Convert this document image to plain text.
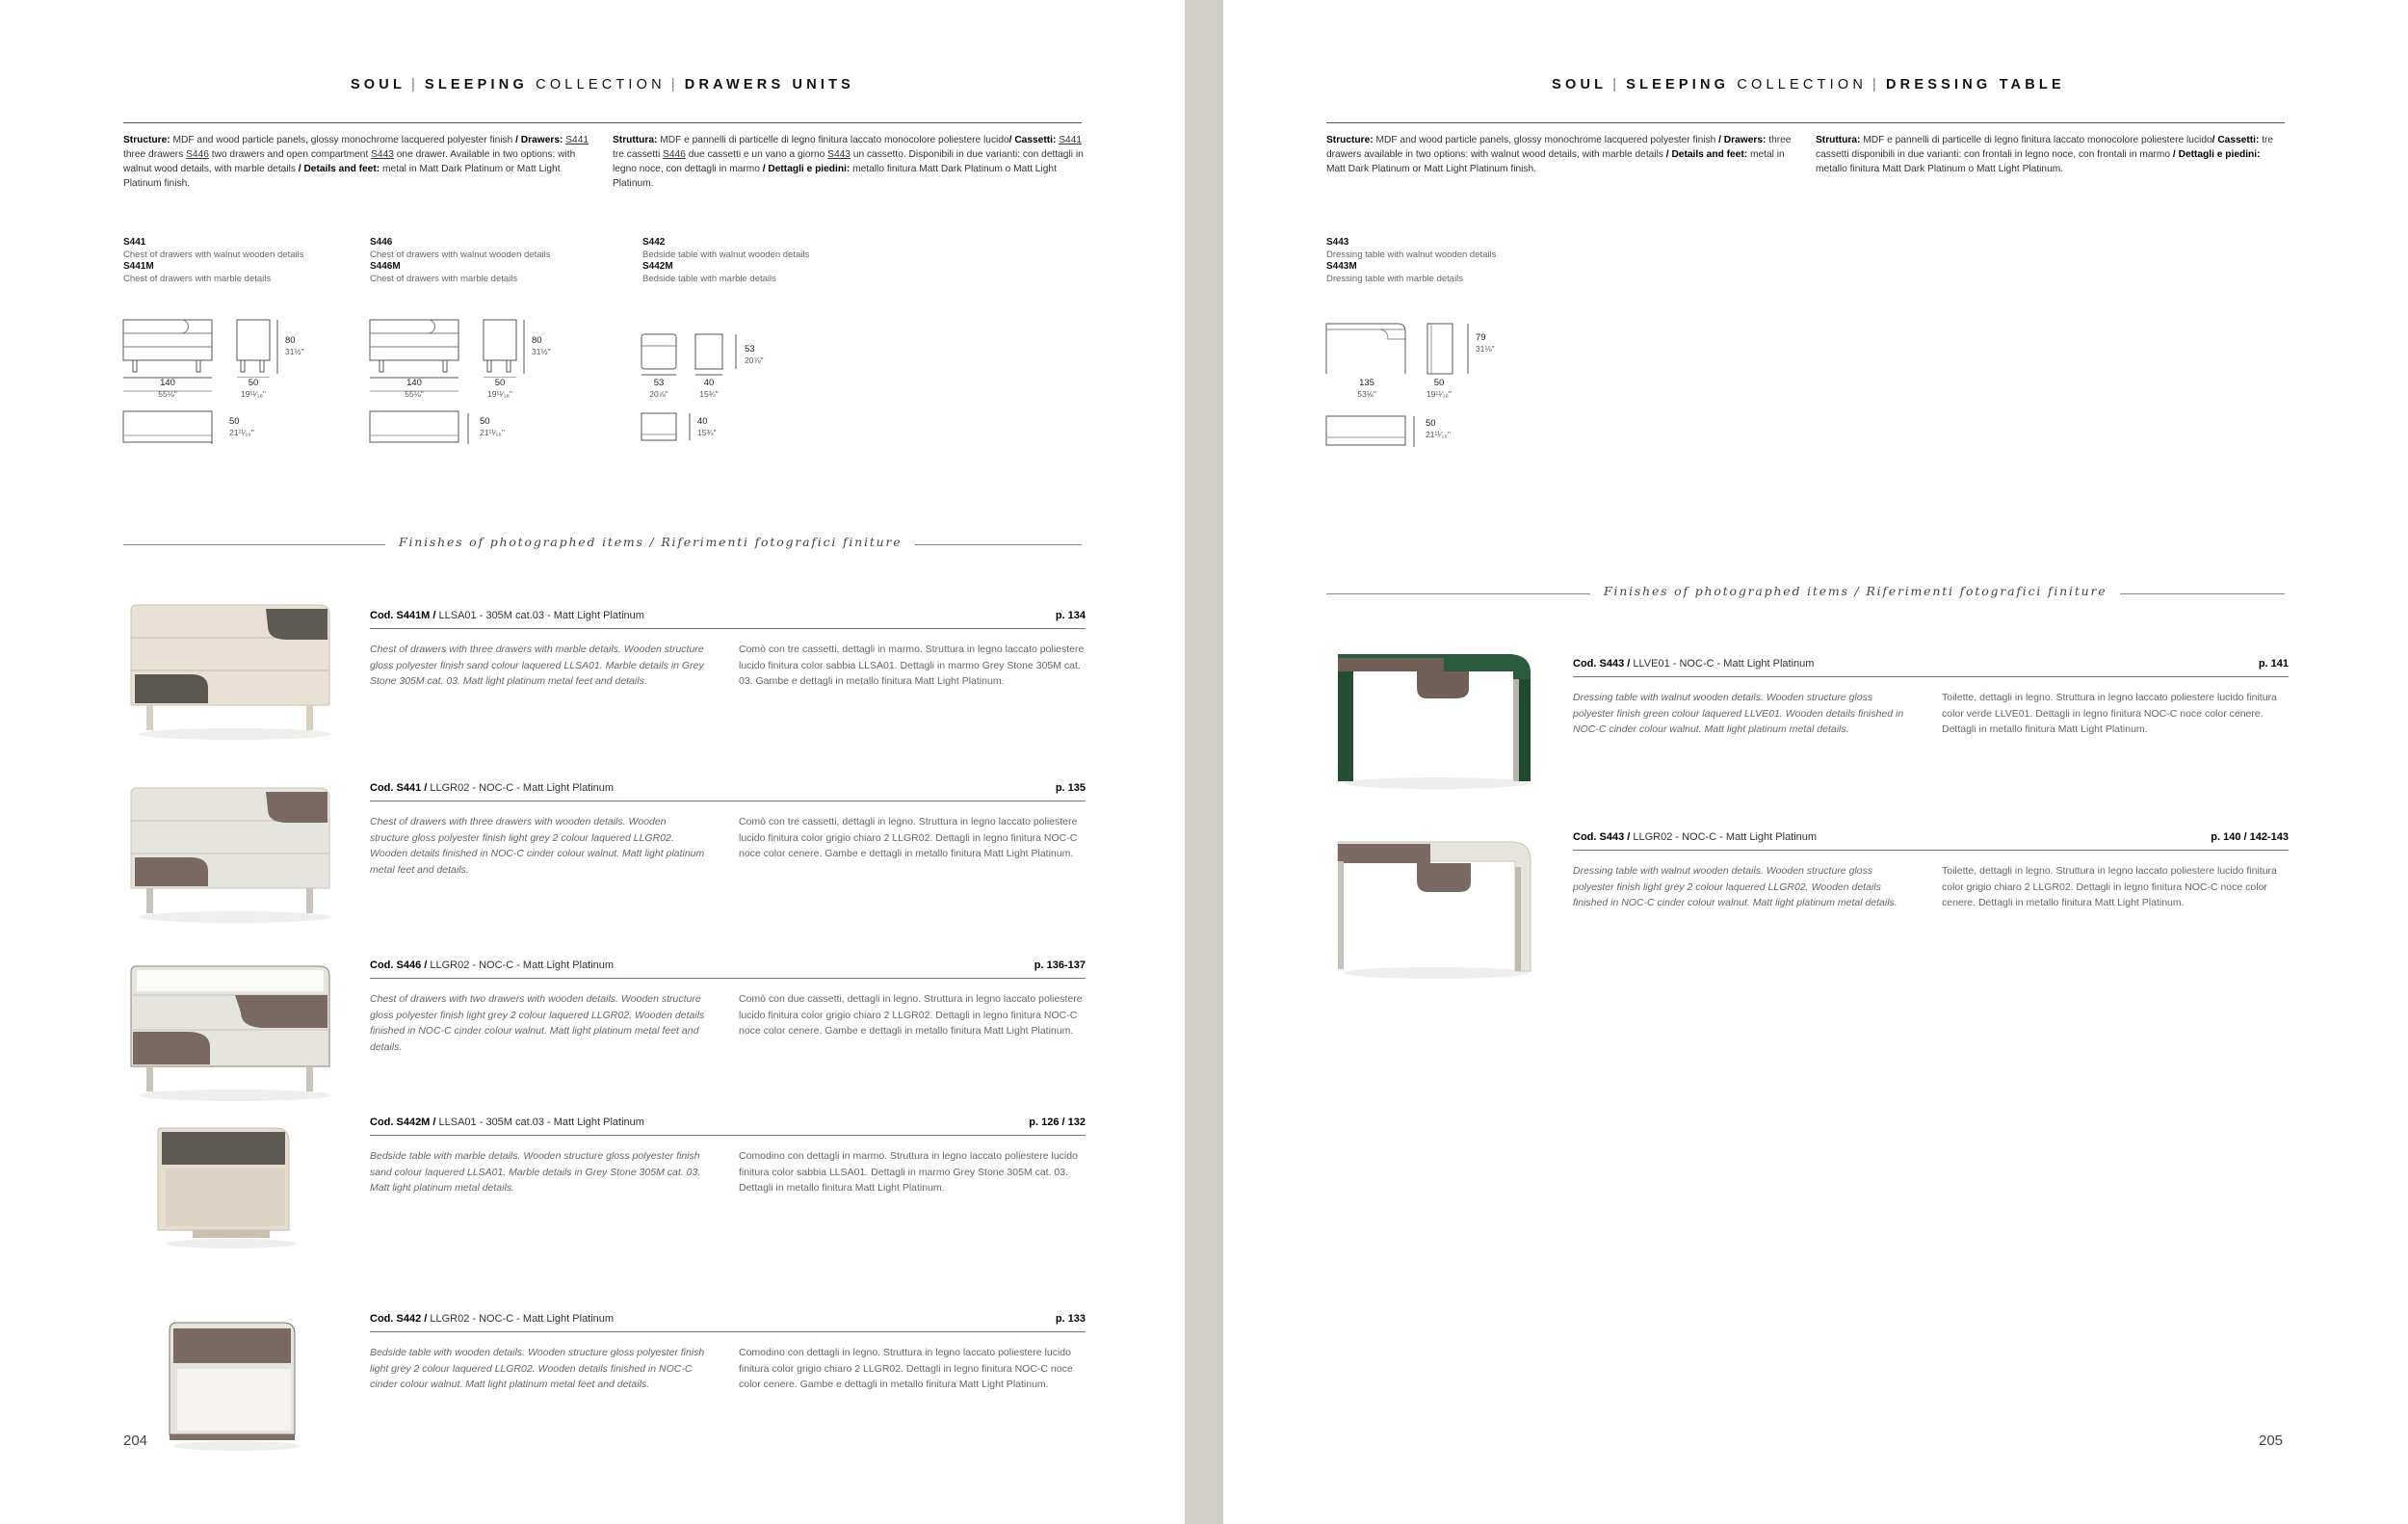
SOUL | SLEEPING COLLECTION | DRAWERS UNITS
Structure: MDF and wood particle panels, glossy monochrome lacquered polyester finish / Drawers: S441 three drawers S446 two drawers and open compartment S443 one drawer. Available in two options: with walnut wood details, with marble details / Details and feet: metal in Matt Dark Platinum or Matt Light Platinum finish.
Struttura: MDF e pannelli di particelle di legno finitura laccato monocolore poliestere lucido/ Cassetti: S441 tre cassetti S446 due cassetti e un vano a giorno S443 un cassetto. Disponibili in due varianti: con dettagli in legno noce, con dettagli in marmo / Dettagli e piedini: metallo finitura Matt Dark Platinum o Matt Light Platinum.
S441
Chest of drawers with walnut wooden details
S441M
Chest of drawers with marble details
S446
Chest of drawers with walnut wooden details
S446M
Chest of drawers with marble details
S442
Bedside table with walnut wooden details
S442M
Bedside table with marble details
140
55⅛"
50
19¹¹⁄₁₆"
80
31½"
50
21¹¹⁄₁₆"
140
55⅛"
50
19¹¹⁄₁₆"
80
31½"
50
21¹¹⁄₁₆"
53
20⅞"
40
15¾"
53
20⅞"
40
15¾"
Finishes of photographed items / Riferimenti fotografici finiture
Cod. S441M / LLSA01 - 305M cat.03 - Matt Light Platinum	p. 134
Chest of drawers with three drawers with marble details. Wooden structure gloss polyester finish sand colour laquered LLSA01. Marble details in Grey Stone 305M cat. 03. Matt light platinum metal feet and details.
Comò con tre cassetti, dettagli in marmo. Struttura in legno laccato poliestere lucido finitura color sabbia LLSA01. Dettagli in marmo Grey Stone 305M cat. 03. Gambe e dettagli in metallo finitura Matt Light Platinum.
Cod. S441 / LLGR02 - NOC-C - Matt Light Platinum	p. 135
Chest of drawers with three drawers with wooden details. Wooden structure gloss polyester finish light grey 2 colour laquered LLGR02. Wooden details finished in NOC-C cinder colour walnut. Matt light platinum metal feet and details.
Comò con tre cassetti, dettagli in legno. Struttura in legno laccato poliestere lucido finitura color grigio chiaro 2 LLGR02. Dettagli in legno finitura NOC-C noce color cenere. Gambe e dettagli in metallo finitura Matt Light Platinum.
Cod. S446 / LLGR02 - NOC-C - Matt Light Platinum	p. 136-137
Chest of drawers with two drawers with wooden details. Wooden structure gloss polyester finish light grey 2 colour laquered LLGR02. Wooden details finished in NOC-C cinder colour walnut. Matt light platinum metal feet and details.
Comò con due cassetti, dettagli in legno. Struttura in legno laccato poliestere lucido finitura color grigio chiaro 2 LLGR02. Dettagli in legno finitura NOC-C noce color cenere. Gambe e dettagli in metallo finitura Matt Light Platinum.
Cod. S442M / LLSA01 - 305M cat.03 - Matt Light Platinum	p. 126 / 132
Bedside table with marble details. Wooden structure gloss polyester finish sand colour laquered LLSA01. Marble details in Grey Stone 305M cat. 03. Matt light platinum metal details.
Comodino con dettagli in marmo. Struttura in legno laccato poliestere lucido finitura color sabbia LLSA01. Dettagli in marmo Grey Stone 305M cat. 03. Dettagli in metallo finitura Matt Light Platinum.
Cod. S442 / LLGR02 - NOC-C - Matt Light Platinum	p. 133
Bedside table with wooden details. Wooden structure gloss polyester finish light grey 2 colour laquered LLGR02. Wooden details finished in NOC-C cinder colour walnut. Matt light platinum metal feet and details.
Comodino con dettagli in legno. Struttura in legno laccato poliestere lucido finitura color grigio chiaro 2 LLGR02. Dettagli in legno finitura NOC-C noce color cenere. Gambe e dettagli in metallo finitura Matt Light Platinum.
204
SOUL | SLEEPING COLLECTION | DRESSING TABLE
Structure: MDF and wood particle panels, glossy monochrome lacquered polyester finish / Drawers: three drawers available in two options: with walnut wood details, with marble details / Details and feet: metal in Matt Dark Platinum or Matt Light Platinum finish.
Struttura: MDF e pannelli di particelle di legno finitura laccato monocolore poliestere lucido/ Cassetti: tre cassetti disponibili in due varianti: con frontali in legno noce, con frontali in marmo / Dettagli e piedini: metallo finitura Matt Dark Platinum o Matt Light Platinum.
S443
Dressing table with walnut wooden details
S443M
Dressing table with marble details
135
53⅛"
50
19¹¹⁄₁₆"
79
31⅛"
50
21¹¹⁄₁₆"
Finishes of photographed items / Riferimenti fotografici finiture
Cod. S443 / LLVE01 - NOC-C - Matt Light Platinum	p. 141
Dressing table with walnut wooden details. Wooden structure gloss polyester finish green colour laquered LLVE01. Wooden details finished in NOC-C cinder colour walnut. Matt light platinum metal details.
Toilette, dettagli in legno. Struttura in legno laccato poliestere lucido finitura color verde LLVE01. Dettagli in legno finitura NOC-C noce color cenere. Dettagli in metallo finitura Matt Light Platinum.
Cod. S443 / LLGR02 - NOC-C - Matt Light Platinum	p. 140 / 142-143
Dressing table with walnut wooden details. Wooden structure gloss polyester finish light grey 2 colour laquered LLGR02. Wooden details finished in NOC-C cinder colour walnut. Matt light platinum metal details.
Toilette, dettagli in legno. Struttura in legno laccato poliestere lucido finitura color grigio chiaro 2 LLGR02. Dettagli in legno finitura NOC-C noce color cenere. Dettagli in metallo finitura Matt Light Platinum.
205
